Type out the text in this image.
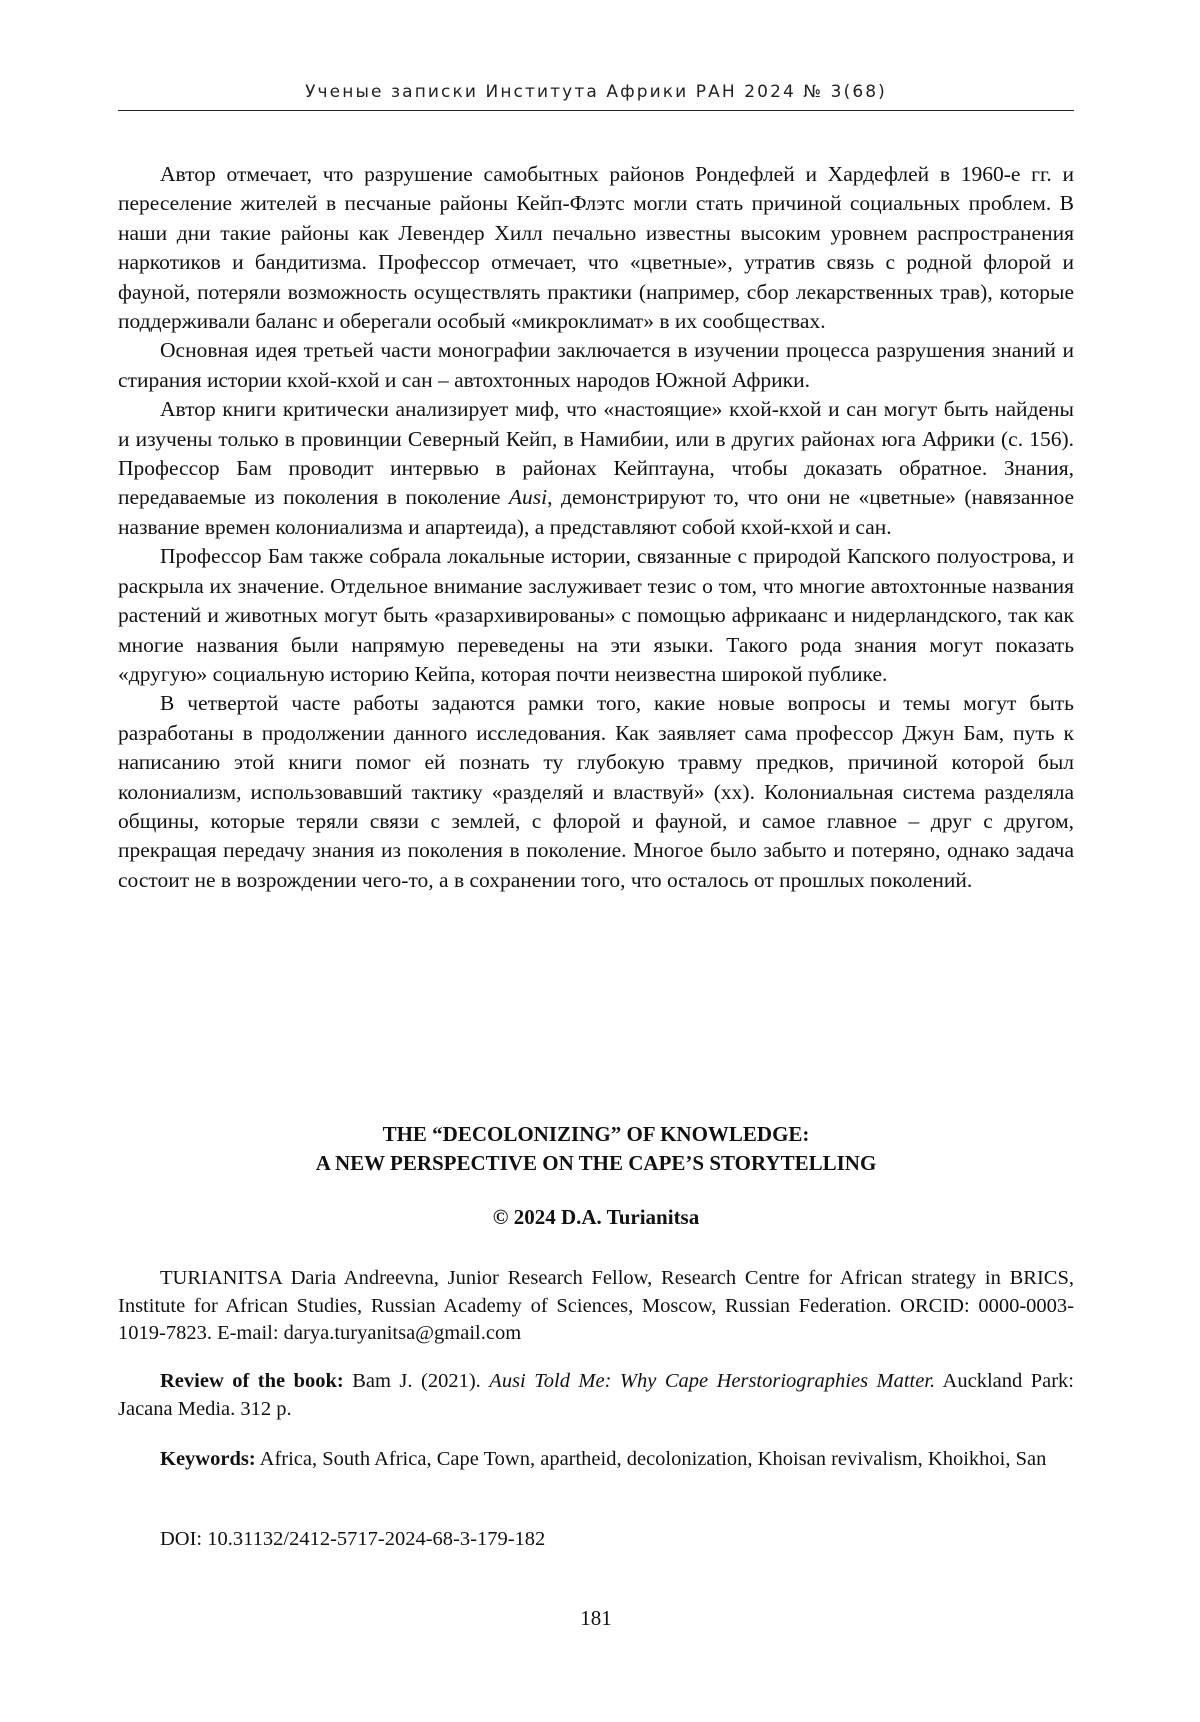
Ученые записки Института Африки РАН 2024 № 3(68)

Автор отмечает, что разрушение самобытных районов Рондефлей и Хардефлей в 1960-е гг. и переселение жителей в песчаные районы Кейп-Флэтс могли стать причиной социальных проблем. В наши дни такие районы как Левендер Хилл печально известны высоким уровнем распространения наркотиков и бандитизма. Профессор отмечает, что «цветные», утратив связь с родной флорой и фауной, потеряли возможность осуществлять практики (например, сбор лекарственных трав), которые поддерживали баланс и оберегали особый «микроклимат» в их сообществах.

Основная идея третьей части монографии заключается в изучении процесса разрушения знаний и стирания истории кхой-кхой и сан – автохтонных народов Южной Африки.

Автор книги критически анализирует миф, что «настоящие» кхой-кхой и сан могут быть найдены и изучены только в провинции Северный Кейп, в Намибии, или в других районах юга Африки (с. 156). Профессор Бам проводит интервью в районах Кейптауна, чтобы доказать обратное. Знания, передаваемые из поколения в поколение Ausi, демонстрируют то, что они не «цветные» (навязанное название времен колониализма и апартеида), а представляют собой кхой-кхой и сан.

Профессор Бам также собрала локальные истории, связанные с природой Капского полуострова, и раскрыла их значение. Отдельное внимание заслуживает тезис о том, что многие автохтонные названия растений и животных могут быть «разархивированы» с помощью африкаанс и нидерландского, так как многие названия были напрямую переведены на эти языки. Такого рода знания могут показать «другую» социальную историю Кейпа, которая почти неизвестна широкой публике.

В четвертой часте работы задаются рамки того, какие новые вопросы и темы могут быть разработаны в продолжении данного исследования. Как заявляет сама профессор Джун Бам, путь к написанию этой книги помог ей познать ту глубокую травму предков, причиной которой был колониализм, использовавший тактику «разделяй и властвуй» (xx). Колониальная система разделяла общины, которые теряли связи с землей, с флорой и фауной, и самое главное – друг с другом, прекращая передачу знания из поколения в поколение. Многое было забыто и потеряно, однако задача состоит не в возрождении чего-то, а в сохранении того, что осталось от прошлых поколений.

THE “DECOLONIZING” OF KNOWLEDGE:
A NEW PERSPECTIVE ON THE CAPE’S STORYTELLING
© 2024 D.A. Turianitsa

TURIANITSA Daria Andreevna, Junior Research Fellow, Research Centre for African strategy in BRICS, Institute for African Studies, Russian Academy of Sciences, Moscow, Russian Federation. ORCID: 0000-0003-1019-7823. E-mail: darya.turyanitsa@gmail.com

Review of the book: Bam J. (2021). Ausi Told Me: Why Cape Herstoriographies Matter. Auckland Park: Jacana Media. 312 p.

Keywords: Africa, South Africa, Cape Town, apartheid, decolonization, Khoisan revivalism, Khoikhoi, San

DOI: 10.31132/2412-5717-2024-68-3-179-182

181
